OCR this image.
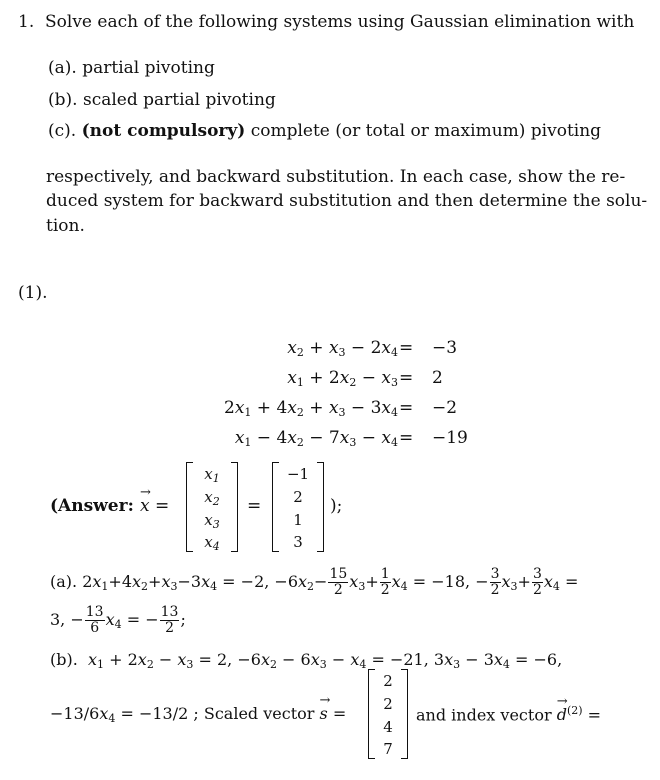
1. Solve each of the following systems using Gaussian elimination with
(a). partial pivoting
(b). scaled partial pivoting
(c). (not compulsory) complete (or total or maximum) pivoting
respectively, and backward substitution. In each case, show the re-
duced system for backward substitution and then determine the solu-
tion.
(1).
$x_2 + x_3 - 2x_4$
$x_1 + 2x_2 - x_3$
$2x_1 + 4x_2 + x_3 - 3x_4$
$x_1 - 4x_2 - 7x_3 - x_4$
=
=
=
=
−3
2
−2
−19
(Answer: → x =
$x_1$
$x_2$
$x_3$
$x_4$
=
−1
2
1
3
);
(a). $2x_1+4x_2+x_3-3x_4 = -2$, $-6x_2- \frac{15}{2} x_3+ \frac{1}{2} x_4 = -18$, − $\frac{3}{2} x_3+ \frac{3}{2} x_4$ =
3, − $\frac{13}{6} x_4$ = − $\frac{13}{2}$ ;
(b). $x_1 + 2x_2 - x_3 = 2$, $-6x_2 - 6x_3 - x_4 = -21$, $3x_3 - 3x_4 = -6$,
$-13/6x_4 = -13/2$ ; Scaled vector → s =
2
2
4
7
and index vector → $d^{(2)}$ =
